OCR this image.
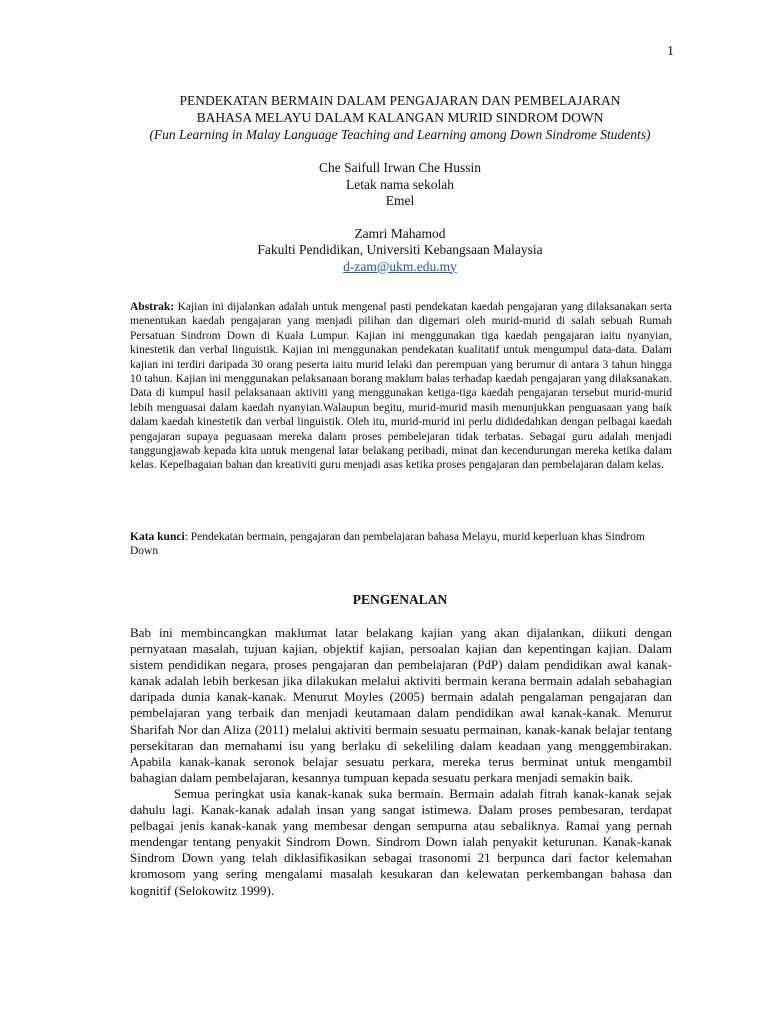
1
PENDEKATAN BERMAIN DALAM PENGAJARAN DAN PEMBELAJARAN
BAHASA MELAYU DALAM KALANGAN MURID SINDROM DOWN
(Fun Learning in Malay Language Teaching and Learning among Down Sindrome Students)
Che Saifull Irwan Che Hussin
Letak nama sekolah
Emel
Zamri Mahamod
Fakulti Pendidikan, Universiti Kebangsaan Malaysia
d-zam@ukm.edu.my
Abstrak: Kajian ini dijalankan adalah untuk mengenal pasti pendekatan kaedah pengajaran yang dilaksanakan serta menentukan kaedah pengajaran yang menjadi pilihan dan digemari oleh murid-murid di salah sebuah Rumah Persatuan Sindrom Down di Kuala Lumpur. Kajian ini menggunakan tiga kaedah pengajaran iaitu nyanyian, kinestetik dan verbal linguistik. Kajian ini menggunakan pendekatan kualitatif untuk mengumpul data-data. Dalam kajian ini terdiri daripada 30 orang peserta iaitu murid lelaki dan perempuan yang berumur di antara 3 tahun hingga 10 tahun. Kajian ini menggunakan pelaksanaan borang maklum balas terhadap kaedah pengajaran yang dilaksanakan. Data di kumpul hasil pelaksanaan aktiviti yang menggunakan ketiga-tiga kaedah pengajaran tersebut murid-murid lebih menguasai dalam kaedah nyanyian.Walaupun begitu, murid-murid masih menunjukkan penguasaan yang baik dalam kaedah kinestetik dan verbal linguistik. Oleh itu, murid-murid ini perlu dididedahkan dengan pelbagai kaedah pengajaran supaya peguasaan mereka dalam proses pembelejaran tidak terbatas. Sebagai guru adalah menjadi tanggungjawab kepada kita untuk mengenal latar belakang peribadi, minat dan kecendurungan mereka ketika dalam kelas. Kepelbagaian bahan dan kreativiti guru menjadi asas ketika proses pengajaran dan pembelajaran dalam kelas.
Kata kunci: Pendekatan bermain, pengajaran dan pembelajaran bahasa Melayu, murid keperluan khas Sindrom Down
PENGENALAN

Bab ini membincangkan maklumat latar belakang kajian yang akan dijalankan, diikuti dengan pernyataan masalah, tujuan kajian, objektif kajian, persoalan kajian dan kepentingan kajian. Dalam sistem pendidikan negara, proses pengajaran dan pembelajaran (PdP) dalam pendidikan awal kanak-kanak adalah lebih berkesan jika dilakukan melalui aktiviti bermain kerana bermain adalah sebahagian daripada dunia kanak-kanak. Menurut Moyles (2005) bermain adalah pengalaman pengajaran dan pembelajaran yang terbaik dan menjadi keutamaan dalam pendidikan awal kanak-kanak. Menurut Sharifah Nor dan Aliza (2011) melalui aktiviti bermain sesuatu permainan, kanak-kanak belajar tentang persekitaran dan memahami isu yang berlaku di sekeliling dalam keadaan yang menggembirakan. Apabila kanak-kanak seronok belajar sesuatu perkara, mereka terus berminat untuk mengambil bahagian dalam pembelajaran, kesannya tumpuan kepada sesuatu perkara menjadi semakin baik.

Semua peringkat usia kanak-kanak suka bermain. Bermain adalah fitrah kanak-kanak sejak dahulu lagi. Kanak-kanak adalah insan yang sangat istimewa. Dalam proses pembesaran, terdapat pelbagai jenis kanak-kanak yang membesar dengan sempurna atau sebaliknya. Ramai yang pernah mendengar tentang penyakit Sindrom Down. Sindrom Down ialah penyakit keturunan. Kanak-kanak Sindrom Down yang telah diklasifikasikan sebagai trasonomi 21 berpunca dari factor kelemahan kromosom yang sering mengalami masalah kesukaran dan kelewatan perkembangan bahasa dan kognitif (Selokowitz 1999).
